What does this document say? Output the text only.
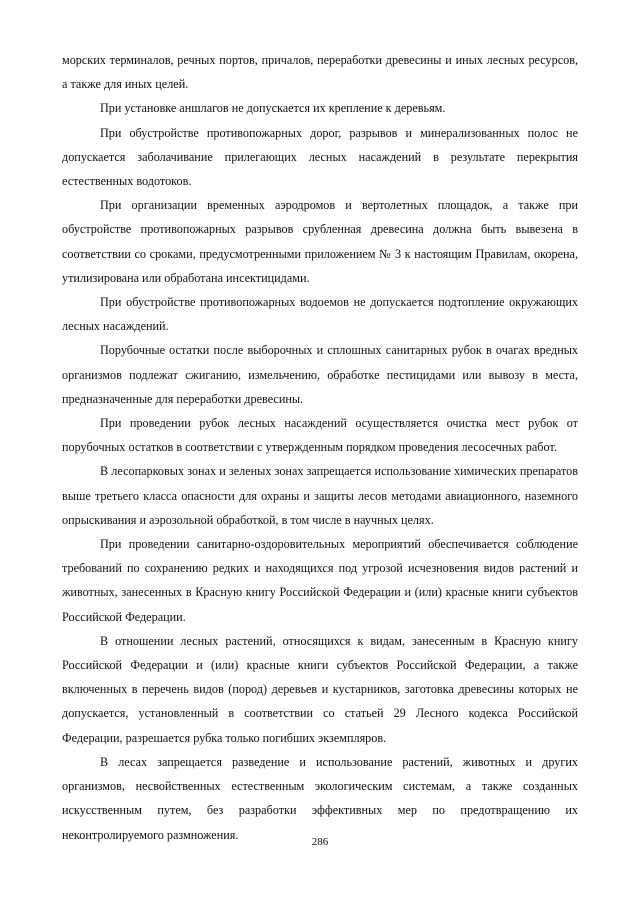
морских терминалов, речных портов, причалов, переработки древесины и иных лесных ресурсов, а также для иных целей.

При установке аншлагов не допускается их крепление к деревьям.

При обустройстве противопожарных дорог, разрывов и минерализованных полос не допускается заболачивание прилегающих лесных насаждений в результате перекрытия естественных водотоков.

При организации временных аэродромов и вертолетных площадок, а также при обустройстве противопожарных разрывов срубленная древесина должна быть вывезена в соответствии со сроками, предусмотренными приложением № 3 к настоящим Правилам, окорена, утилизирована или обработана инсектицидами.

При обустройстве противопожарных водоемов не допускается подтопление окружающих лесных насаждений.

Порубочные остатки после выборочных и сплошных санитарных рубок в очагах вредных организмов подлежат сжиганию, измельчению, обработке пестицидами или вывозу в места, предназначенные для переработки древесины.

При проведении рубок лесных насаждений осуществляется очистка мест рубок от порубочных остатков в соответствии с утвержденным порядком проведения лесосечных работ.

В лесопарковых зонах и зеленых зонах запрещается использование химических препаратов выше третьего класса опасности для охраны и защиты лесов методами авиационного, наземного опрыскивания и аэрозольной обработкой, в том числе в научных целях.

При проведении санитарно-оздоровительных мероприятий обеспечивается соблюдение требований по сохранению редких и находящихся под угрозой исчезновения видов растений и животных, занесенных в Красную книгу Российской Федерации и (или) красные книги субъектов Российской Федерации.

В отношении лесных растений, относящихся к видам, занесенным в Красную книгу Российской Федерации и (или) красные книги субъектов Российской Федерации, а также включенных в перечень видов (пород) деревьев и кустарников, заготовка древесины которых не допускается, установленный в соответствии со статьей 29 Лесного кодекса Российской Федерации, разрешается рубка только погибших экземпляров.

В лесах запрещается разведение и использование растений, животных и других организмов, несвойственных естественным экологическим системам, а также созданных искусственным путем, без разработки эффективных мер по предотвращению их неконтролируемого размножения.

286
